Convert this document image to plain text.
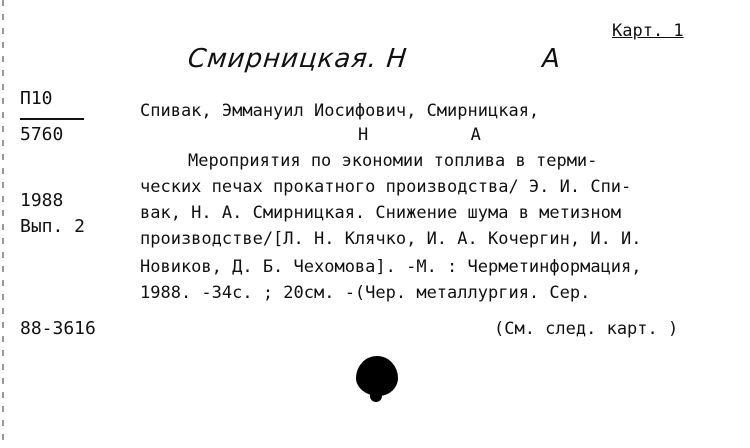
Карт. 1
Смирницкая. Н	А
П10
5760
1988
Вып. 2
88-3616
Спивак, Эммануил Иосифович, Смирницкая,
Н          А
Мероприятия по экономии топлива в терми-
ческих печах прокатного производства/ Э. И. Спи-
вак, Н. А. Смирницкая. Снижение шума в метизном
производстве/[Л. Н. Клячко, И. А. Кочергин, И. И.
Новиков, Д. Б. Чехомова]. -М. : Черметинформация,
1988. -34с. ; 20см. -(Чер. металлургия. Сер.
(См. след. карт. )
